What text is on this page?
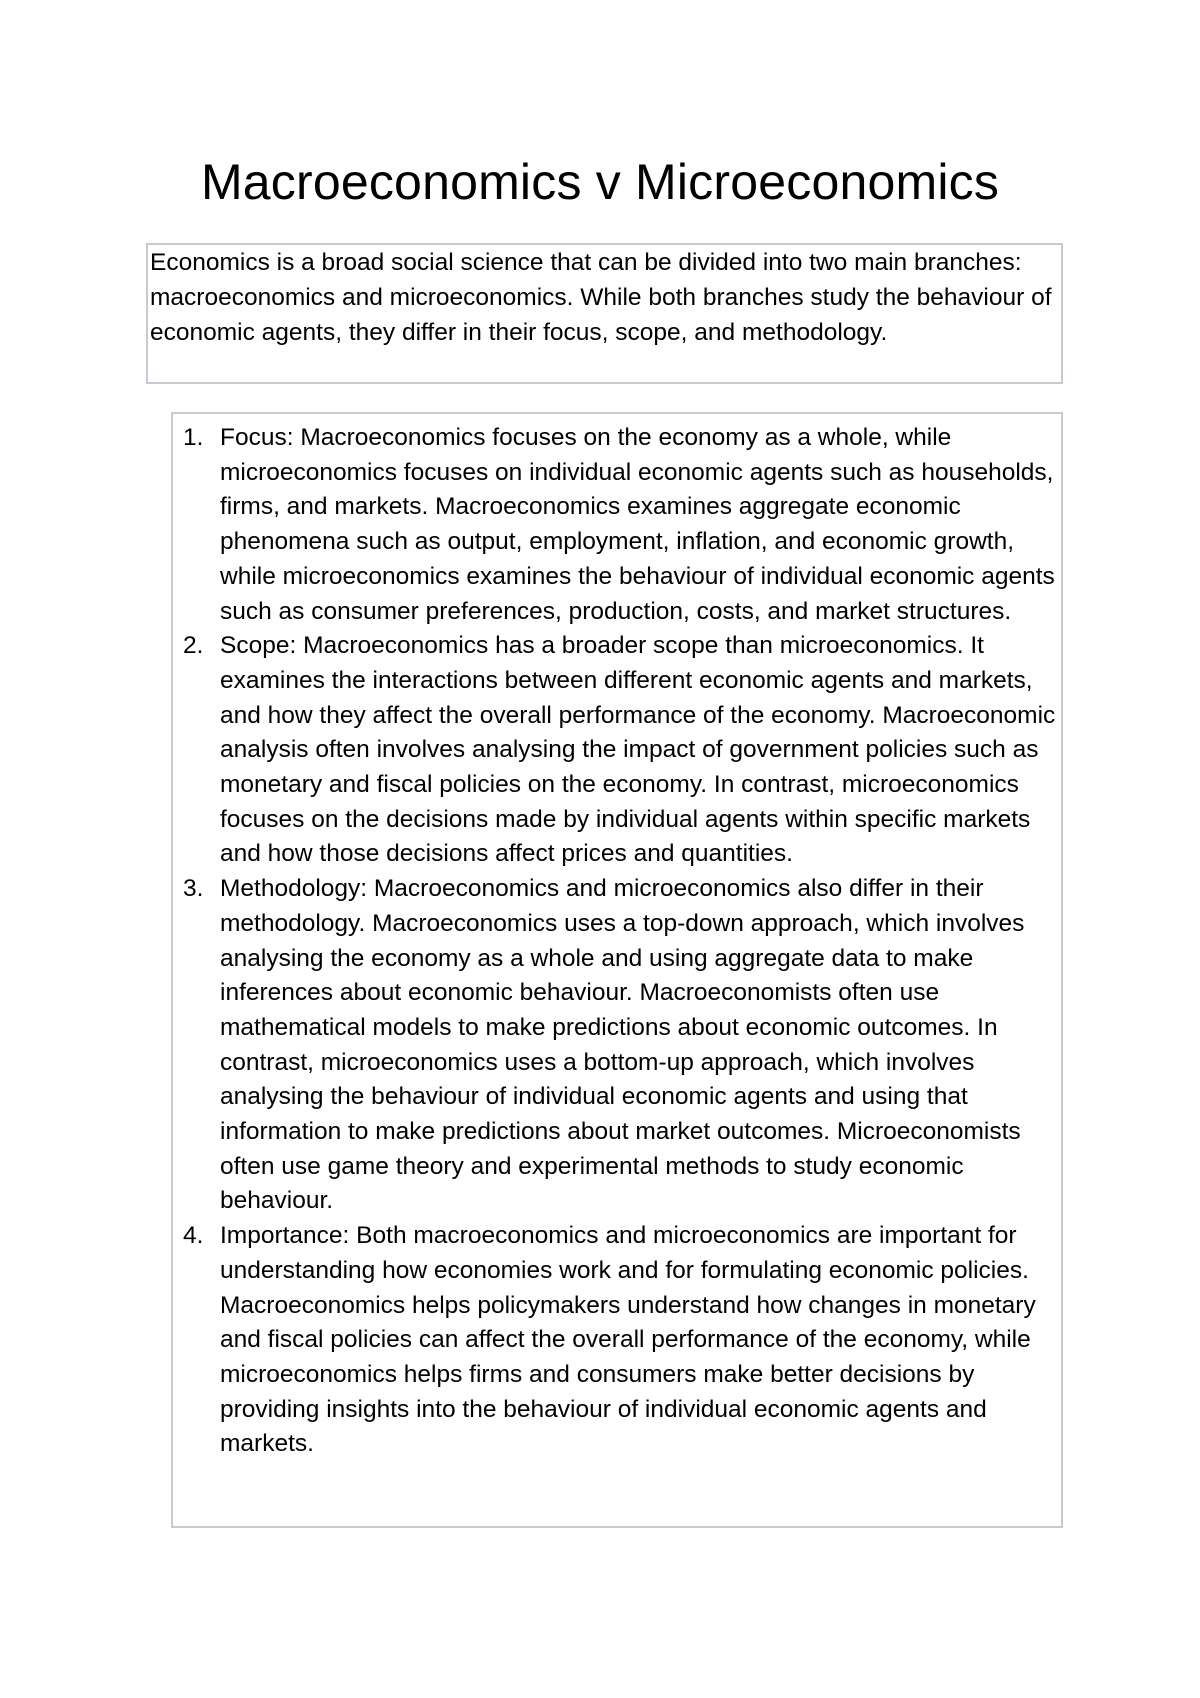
Macroeconomics v Microeconomics

Economics is a broad social science that can be divided into two main branches: macroeconomics and microeconomics. While both branches study the behaviour of economic agents, they differ in their focus, scope, and methodology.

1. Focus: Macroeconomics focuses on the economy as a whole, while microeconomics focuses on individual economic agents such as households, firms, and markets. Macroeconomics examines aggregate economic phenomena such as output, employment, inflation, and economic growth, while microeconomics examines the behaviour of individual economic agents such as consumer preferences, production, costs, and market structures.
2. Scope: Macroeconomics has a broader scope than microeconomics. It examines the interactions between different economic agents and markets, and how they affect the overall performance of the economy. Macroeconomic analysis often involves analysing the impact of government policies such as monetary and fiscal policies on the economy. In contrast, microeconomics focuses on the decisions made by individual agents within specific markets and how those decisions affect prices and quantities.
3. Methodology: Macroeconomics and microeconomics also differ in their methodology. Macroeconomics uses a top-down approach, which involves analysing the economy as a whole and using aggregate data to make inferences about economic behaviour. Macroeconomists often use mathematical models to make predictions about economic outcomes. In contrast, microeconomics uses a bottom-up approach, which involves analysing the behaviour of individual economic agents and using that information to make predictions about market outcomes. Microeconomists often use game theory and experimental methods to study economic behaviour.
4. Importance: Both macroeconomics and microeconomics are important for understanding how economies work and for formulating economic policies. Macroeconomics helps policymakers understand how changes in monetary and fiscal policies can affect the overall performance of the economy, while microeconomics helps firms and consumers make better decisions by providing insights into the behaviour of individual economic agents and markets.
